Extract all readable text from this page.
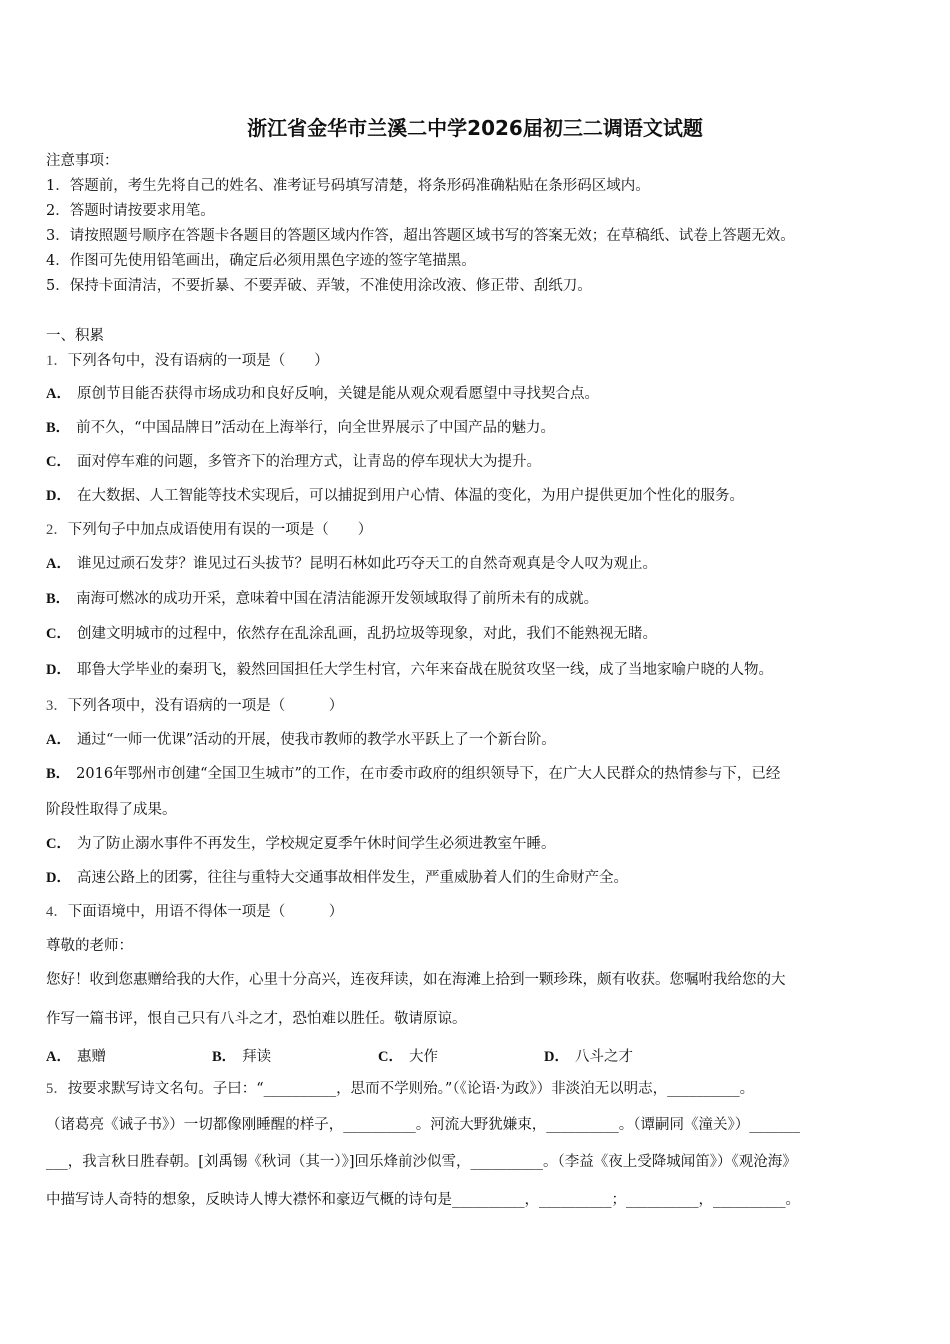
浙江省金华市兰溪二中学2026届初三二调语文试题
注意事项：
1．答题前，考生先将自己的姓名、准考证号码填写清楚，将条形码准确粘贴在条形码区域内。
2．答题时请按要求用笔。
3．请按照题号顺序在答题卡各题目的答题区域内作答，超出答题区域书写的答案无效；在草稿纸、试卷上答题无效。
4．作图可先使用铅笔画出，确定后必须用黑色字迹的签字笔描黑。
5．保持卡面清洁，不要折暴、不要弄破、弄皱，不准使用涂改液、修正带、刮纸刀。
一、积累
1．下列各句中，没有语病的一项是（　　）
A． 原创节目能否获得市场成功和良好反响，关键是能从观众观看愿望中寻找契合点。
B． 前不久，“中国品牌日”活动在上海举行，向全世界展示了中国产品的魅力。
C． 面对停车难的问题，多管齐下的治理方式，让青岛的停车现状大为提升。
D． 在大数据、人工智能等技术实现后，可以捕捉到用户心情、体温的变化，为用户提供更加个性化的服务。
2．下列句子中加点成语使用有误的一项是（　　）
A． 谁见过顽石发芽？谁见过石头拔节？昆明石林如此巧夺天工的自然奇观真是令人叹为观止。
B． 南海可燃冰的成功开采，意味着中国在清洁能源开发领域取得了前所未有的成就。
C． 创建文明城市的过程中，依然存在乱涂乱画，乱扔垃圾等现象，对此，我们不能熟视无睹。
D． 耶鲁大学毕业的秦玥飞，毅然回国担任大学生村官，六年来奋战在脱贫攻坚一线，成了当地家喻户晓的人物。
3．下列各项中，没有语病的一项是（　　　）
A． 通过“一师一优课”活动的开展，使我市教师的教学水平跃上了一个新台阶。
B． 2016年鄂州市创建“全国卫生城市”的工作，在市委市政府的组织领导下，在广大人民群众的热情参与下，已经
阶段性取得了成果。
C． 为了防止溺水事件不再发生，学校规定夏季午休时间学生必须进教室午睡。
D． 高速公路上的团雾，往往与重特大交通事故相伴发生，严重威胁着人们的生命财产全。
4．下面语境中，用语不得体一项是（　　　）
尊敬的老师：
您好！收到您惠赠给我的大作，心里十分高兴，连夜拜读，如在海滩上拾到一颗珍珠，颇有收获。您嘱咐我给您的大
作写一篇书评，恨自己只有八斗之才，恐怕难以胜任。敬请原谅。
A． 惠赠	B． 拜读	C． 大作	D． 八斗之才
5．按要求默写诗文名句。子曰：“__________，思而不学则殆。”（《论语·为政》）非淡泊无以明志，__________。
（诸葛亮《诫子书》）一切都像刚睡醒的样子，__________。河流大野犹嫌束，__________。（谭嗣同《潼关》）_______
___，我言秋日胜春朝。[刘禹锡《秋词（其一）》]回乐烽前沙似雪，__________。（李益《夜上受降城闻笛》）《观沧海》
中描写诗人奇特的想象，反映诗人博大襟怀和豪迈气概的诗句是__________，__________；__________，__________。
